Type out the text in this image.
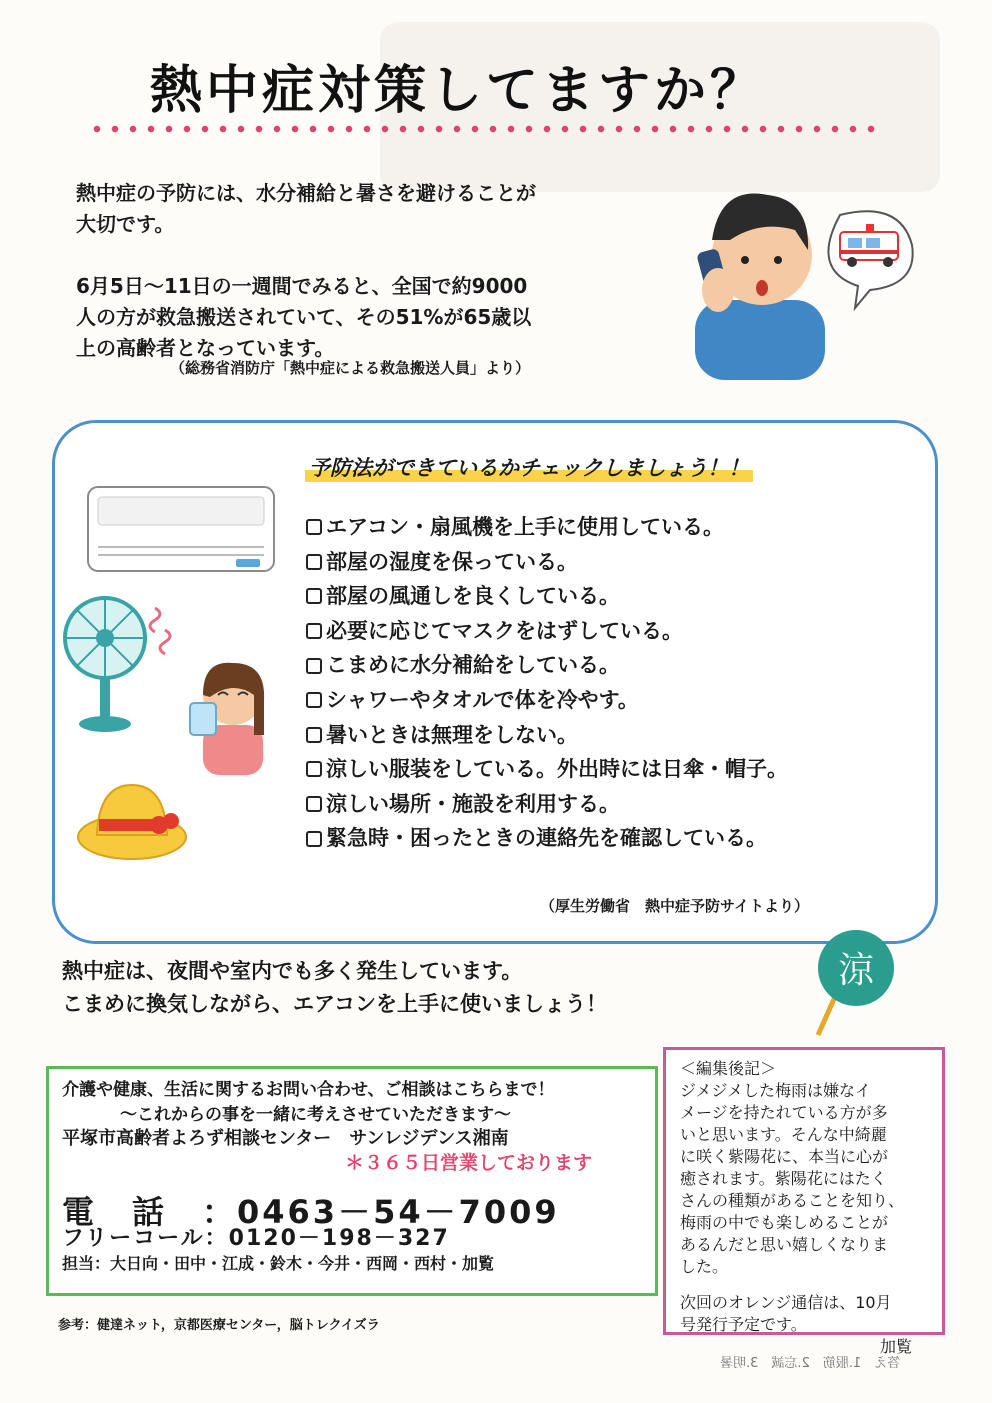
熱中症対策してますか？

熱中症の予防には、水分補給と暑さを避けることが
大切です。

6月5日～11日の一週間でみると、全国で約9000
人の方が救急搬送されていて、その51%が65歳以
上の高齢者となっています。

（総務省消防庁「熱中症による救急搬送人員」より）
予防法ができているかチェックしましょう！！
エアコン・扇風機を上手に使用している。
部屋の湿度を保っている。
部屋の風通しを良くしている。
必要に応じてマスクをはずしている。
こまめに水分補給をしている。
シャワーやタオルで体を冷やす。
暑いときは無理をしない。
涼しい服装をしている。外出時には日傘・帽子。
涼しい場所・施設を利用する。
緊急時・困ったときの連絡先を確認している。
（厚生労働省　熱中症予防サイトより）
熱中症は、夜間や室内でも多く発生しています。
こまめに換気しながら、エアコンを上手に使いましょう！
涼
介護や健康、生活に関するお問い合わせ、ご相談はこちらまで！
～これからの事を一緒に考えさせていただきます～
平塚市高齢者よろず相談センター　サンレジデンス湘南
＊３６５日営業しております
電　話　：0463－54－7009
フリーコール：0120－198－327
担当：大日向・田中・江成・鈴木・今井・西岡・西村・加覧
参考：健達ネット，京都医療センター，脳トレクイズラ

＜編集後記＞

ジメジメした梅雨は嫌なイ

メージを持たれている方が多

いと思います。そんな中綺麗

に咲く紫陽花に、本当に心が

癒されます。紫陽花にはたく

さんの種類があることを知り、

梅雨の中でも楽しめることが

あるんだと思い嬉しくなりま

した。

次回のオレンジ通信は、10月

号発行予定です。

加覧

答え　1.服筋　2.忘誠　3.明暑
